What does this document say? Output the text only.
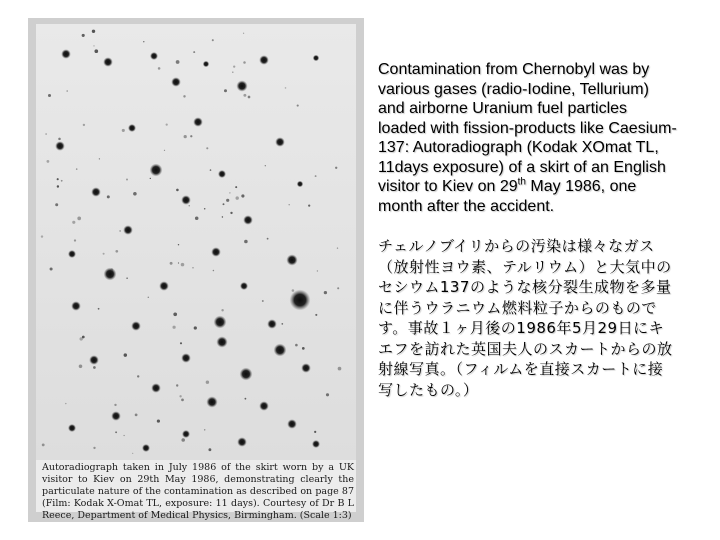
Autoradiograph taken in July 1986 of the skirt worn by a UK visitor to Kiev on 29th May 1986, demonstrating clearly the particulate nature of the contamination as described on page 87 (Film: Kodak X-Omat TL, exposure: 11 days). Courtesy of Dr B L Reece, Department of Medical Physics, Birmingham. (Scale 1:3)

Contamination from Chernobyl was by various gases (radio-Iodine, Tellurium) and airborne Uranium fuel particles loaded with fission-products like Caesium-137: Autoradiograph (Kodak XOmat TL, 11days exposure) of a skirt of an English visitor to Kiev on 29th May 1986, one month after the accident.

チェルノブイリからの汚染は様々なガス（放射性ヨウ素、テルリウム）と大気中のセシウム137のような核分裂生成物を多量に伴うウラニウム燃料粒子からのものです。事故１ヶ月後の1986年5月29日にキエフを訪れた英国夫人のスカートからの放射線写真。（フィルムを直接スカートに接写したもの。）
